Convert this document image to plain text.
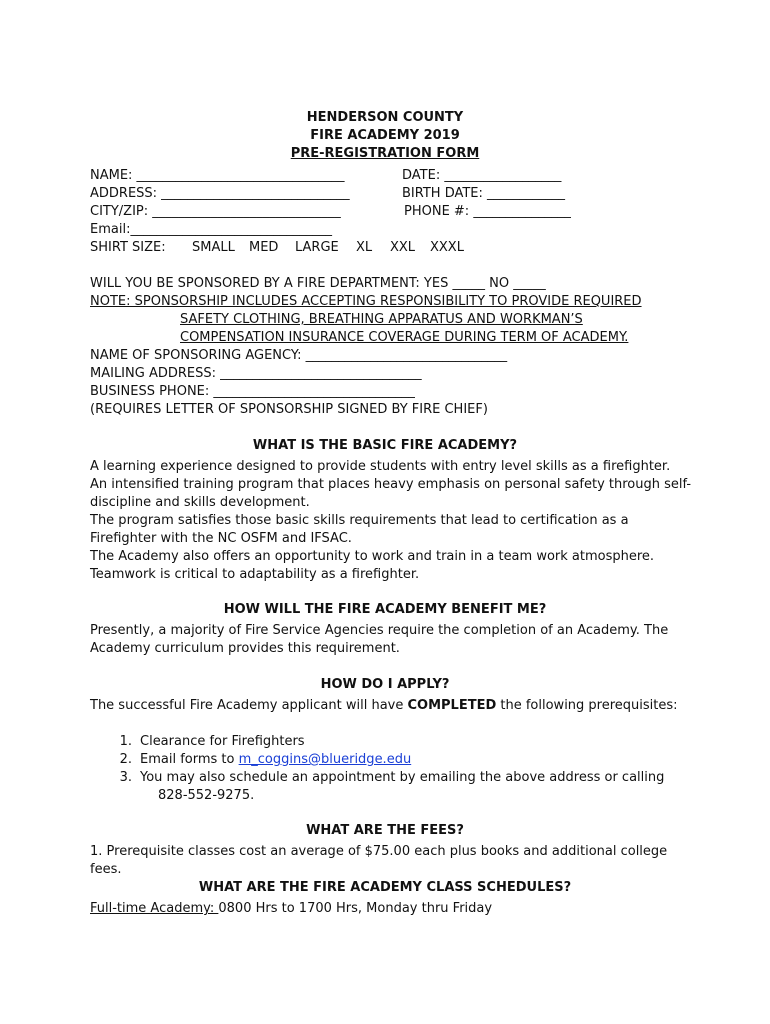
HENDERSON COUNTY
FIRE ACADEMY 2019
PRE-REGISTRATION FORM
NAME: ________________________________	DATE: __________________
ADDRESS: _____________________________	BIRTH DATE: ____________
CITY/ZIP: _____________________________	PHONE #: _______________
Email:_______________________________
SHIRT SIZE: SMALL MED LARGE XL XXL XXXL
WILL YOU BE SPONSORED BY A FIRE DEPARTMENT: YES _____ NO _____
NOTE: SPONSORSHIP INCLUDES ACCEPTING RESPONSIBILITY TO PROVIDE REQUIRED
SAFETY CLOTHING, BREATHING APPARATUS AND WORKMAN’S
COMPENSATION INSURANCE COVERAGE DURING TERM OF ACADEMY.
NAME OF SPONSORING AGENCY: _______________________________
MAILING ADDRESS: _______________________________
BUSINESS PHONE: _______________________________
(REQUIRES LETTER OF SPONSORSHIP SIGNED BY FIRE CHIEF)
WHAT IS THE BASIC FIRE ACADEMY?
A learning experience designed to provide students with entry level skills as a firefighter.
An intensified training program that places heavy emphasis on personal safety through self-
discipline and skills development.
The program satisfies those basic skills requirements that lead to certification as a
Firefighter with the NC OSFM and IFSAC.
The Academy also offers an opportunity to work and train in a team work atmosphere.
Teamwork is critical to adaptability as a firefighter.
HOW WILL THE FIRE ACADEMY BENEFIT ME?
Presently, a majority of Fire Service Agencies require the completion of an Academy. The
Academy curriculum provides this requirement.
HOW DO I APPLY?
The successful Fire Academy applicant will have COMPLETED the following prerequisites:
1. Clearance for Firefighters
2. Email forms to m_coggins@blueridge.edu
3. You may also schedule an appointment by emailing the above address or calling
828-552-9275.
WHAT ARE THE FEES?
1. Prerequisite classes cost an average of $75.00 each plus books and additional college
fees.
WHAT ARE THE FIRE ACADEMY CLASS SCHEDULES?
Full-time Academy: 0800 Hrs to 1700 Hrs, Monday thru Friday
